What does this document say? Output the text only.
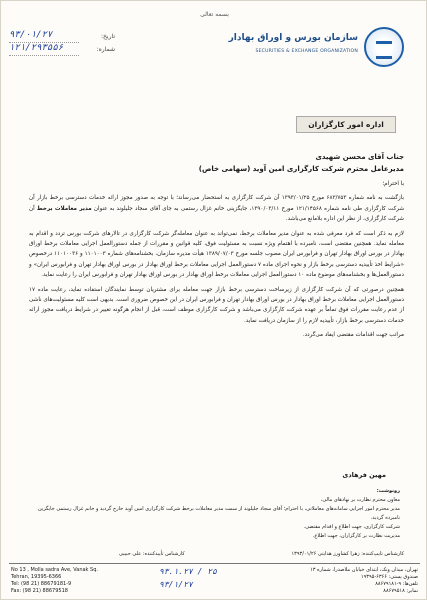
بسمه تعالی
سازمان بورس و اوراق بهادار
SECURITIES & EXCHANGE ORGANIZATION
تاریخ:
۹۳/۰۱/۲۷
شماره:
۱۲۱/۲۹۳۵۵۶
اداره امور کارگزاران
جناب آقای محسن شهیدی
مدیرعامل محترم شرکت کارگزاری امین آوید (سهامی خاص)
با احترام؛
بازگشت به نامه شماره ۶۸۳/۷۵۳ مورخ ۱۳۹۳/۰۱/۲۵ آن شرکت کارگزاری به استحضار می‌رساند؛ با توجه به صدور مجوز ارائه خدمات دسترسی برخط بازار آن شرکت کارگزاری طی نامه شماره ۱۲۱/۱۴۵۶۸ مورخ ۱۳۹۰/۰۳/۱۱، جایگزینی خانم غزال رستمی به جای آقای سجاد جلیلوند به عنوان مدیر معاملات برخط آن شرکت کارگزاری، از نظر این اداره بلامانع می‌باشد.
لازم به ذکر است که فرد معرفی شده به عنوان مدیر معاملات برخط، نمی‌تواند به عنوان معامله‌گر شرکت کارگزاری در تالارهای شرکت بورس تردد و اقدام به معامله نماید. همچنین مقتضی است، نامبرده با اهتمام ویژه نسبت به مسئولیت فوق، کلیه قوانین و مقررات از جمله دستورالعمل اجرایی معاملات برخط اوراق بهادار در بورس اوراق بهادار تهران و فرابورس ایران مصوب جلسه مورخ ۱۳۸۹/۰۷/۰۳ هیأت مدیره سازمان، بخشنامه‌های شماره ۱۱۰۱۰۰۳ و ۱۱۰۱۰۰۳۶ درخصوص «شرایط اخذ تأییدیه دسترسی برخط بازار و نحوه اجرای ماده ۷ دستورالعمل اجرایی معاملات برخط اوراق بهادار در بورس اوراق بهادار تهران و فرابورس ایران» و دستورالعمل‌ها و بخشنامه‌های موضوع ماده ۱۰ دستورالعمل اجرایی معاملات برخط اوراق بهادار در بورس اوراق بهادار تهران و فرابورس ایران را رعایت نماید.
همچنین درصورتی که آن شرکت کارگزاری از زیرساخت دسترسی برخط بازار جهت معامله برای مشتریان توسط نمایندگان استفاده نماید، رعایت ماده ۱۷ دستورالعمل اجرایی معاملات برخط اوراق بهادار در بورس اوراق بهادار تهران و فرابورس ایران در این خصوص ضروری است. بدیهی است کلیه مسئولیت‌های ناشی از عدم رعایت مقررات فوق تماماً بر عهده شرکت کارگزاری می‌باشد و شرکت کارگزاری موظف است، قبل از انجام هرگونه تغییر در شرایط دریافت مجوز ارائه خدمات دسترسی برخط بازار، تأییدیه لازم را از سازمان دریافت نماید.
مراتب جهت اقدامات مقتضی ایفاد می‌گردد.
مهین فرهادی
رونوشت:
معاون محترم نظارت بر نهادهای مالی،
مدیر محترم امور اجرایی سامانه‌های معاملاتی، با احترام؛ آقای سجاد جلیلوند از سمت مدیر معاملات برخط شرکت کارگزاری امین آوید خارج گردید و خانم غزال رستمی جایگزین نامبرده گردید.
شرکت کارگزاری، جهت اطلاع و اقدام مقتضی.
مدیریت نظارت بر کارگزاران، جهت اطلاع.
کارشناس تایپ‌کننده: زهرا کشاورز هدایتی ۱۳۹۳/۰۱/۲۶
کارشناس تأییدکننده: علی حبیبی
No 13 , Molla sadra Ave, Vanak Sq.
Tehran, 19395-6366
Tel: (98 21) 88679181-9
Fax: (98 21) 88679518
۹۳.۱.۲۷ / ۲۵
۹۳/۱/۲۷
تهران، میدان ونک، ابتدای خیابان ملاصدرا، شماره ۱۳
صندوق پستی: ۶۳۶۶-۱۹۳۹۵
تلفن‌ها: ۹-۸۸۶۷۹۱۸۱
نمابر: ۸۸۶۷۹۵۱۸
